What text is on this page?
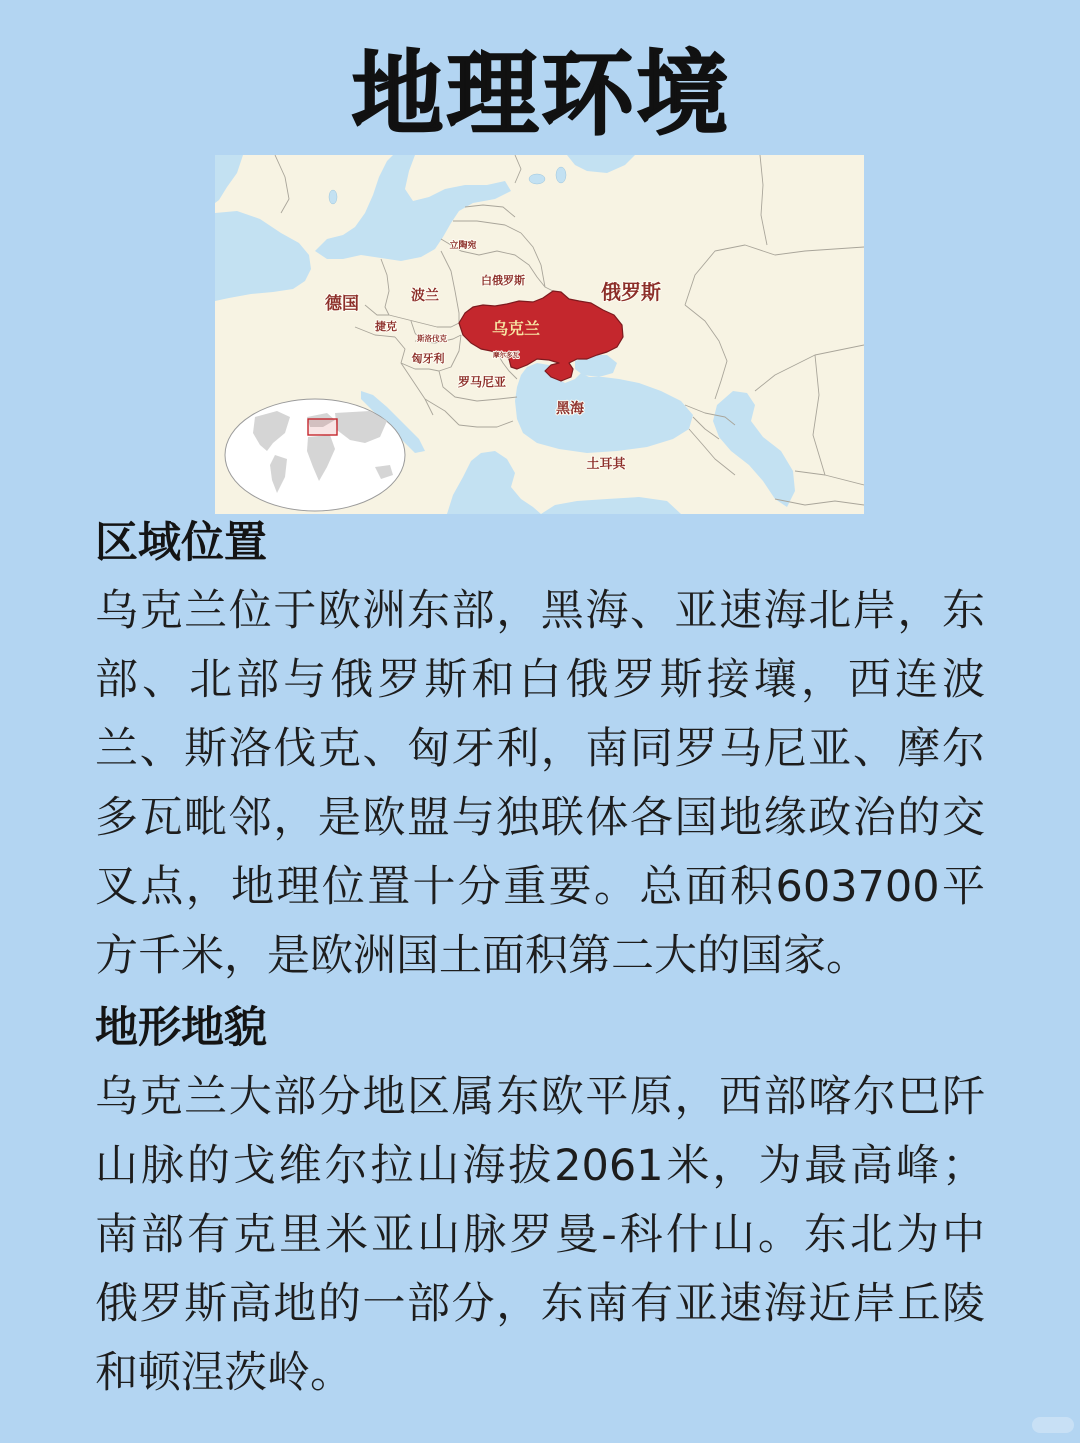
地理环境
立陶宛
白俄罗斯	俄罗斯
德国	波兰
乌克兰
捷克
斯洛伐克
摩尔多瓦
匈牙利
罗马尼亚
黑海
土耳其
区域位置
乌克兰位于欧洲东部，黑海、亚速海北岸，东
部、北部与俄罗斯和白俄罗斯接壤，西连波
兰、斯洛伐克、匈牙利，南同罗马尼亚、摩尔
多瓦毗邻，是欧盟与独联体各国地缘政治的交
叉点，地理位置十分重要。总面积603700平
方千米，是欧洲国土面积第二大的国家。
地形地貌
乌克兰大部分地区属东欧平原，西部喀尔巴阡
山脉的戈维尔拉山海拔2061米，为最高峰；
南部有克里米亚山脉罗曼-科什山。东北为中
俄罗斯高地的一部分，东南有亚速海近岸丘陵
和顿涅茨岭。
